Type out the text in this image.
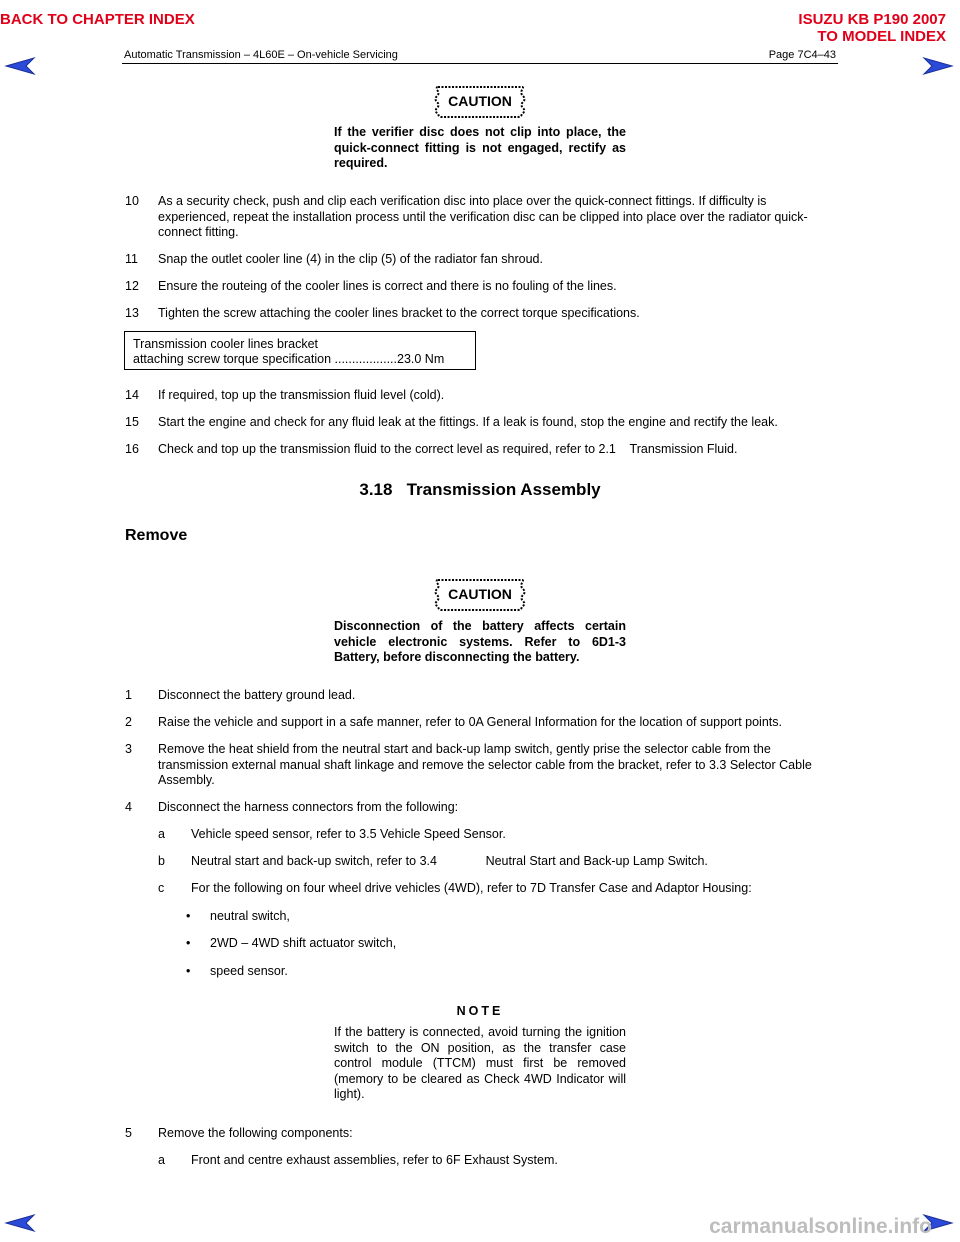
BACK TO CHAPTER INDEX	ISUZU KB P190 2007
TO MODEL INDEX
Automatic Transmission – 4L60E – On-vehicle Servicing	Page 7C4–43
CAUTION
If the verifier disc does not clip into place, the quick-connect fitting is not engaged, rectify as required.
10	As a security check, push and clip each verification disc into place over the quick-connect fittings. If difficulty is experienced, repeat the installation process until the verification disc can be clipped into place over the radiator quick-connect fitting.
11	Snap the outlet cooler line (4) in the clip (5) of the radiator fan shroud.
12	Ensure the routeing of the cooler lines is correct and there is no fouling of the lines.
13	Tighten the screw attaching the cooler lines bracket to the correct torque specifications.
Transmission cooler lines bracket
attaching screw torque specification ..................23.0 Nm
14	If required, top up the transmission fluid level (cold).
15	Start the engine and check for any fluid leak at the fittings. If a leak is found, stop the engine and rectify the leak.
16	Check and top up the transmission fluid to the correct level as required, refer to 2.1    Transmission Fluid.
3.18   Transmission Assembly
Remove
CAUTION
Disconnection of the battery affects certain vehicle electronic systems. Refer to 6D1-3 Battery, before disconnecting the battery.
1	Disconnect the battery ground lead.
2	Raise the vehicle and support in a safe manner, refer to 0A General Information for the location of support points.
3	Remove the heat shield from the neutral start and back-up lamp switch, gently prise the selector cable from the transmission external manual shaft linkage and remove the selector cable from the bracket, refer to 3.3 Selector Cable Assembly.
4	Disconnect the harness connectors from the following:
a Vehicle speed sensor, refer to 3.5 Vehicle Speed Sensor.
b Neutral start and back-up switch, refer to 3.4              Neutral Start and Back-up Lamp Switch.
c For the following on four wheel drive vehicles (4WD), refer to 7D Transfer Case and Adaptor Housing:
• neutral switch,
• 2WD – 4WD shift actuator switch,
• speed sensor.
NOTE
If the battery is connected, avoid turning the ignition switch to the ON position, as the transfer case control module (TTCM) must first be removed (memory to be cleared as Check 4WD Indicator will light).
5	Remove the following components:
a Front and centre exhaust assemblies, refer to 6F Exhaust System.
carmanualsonline.info
